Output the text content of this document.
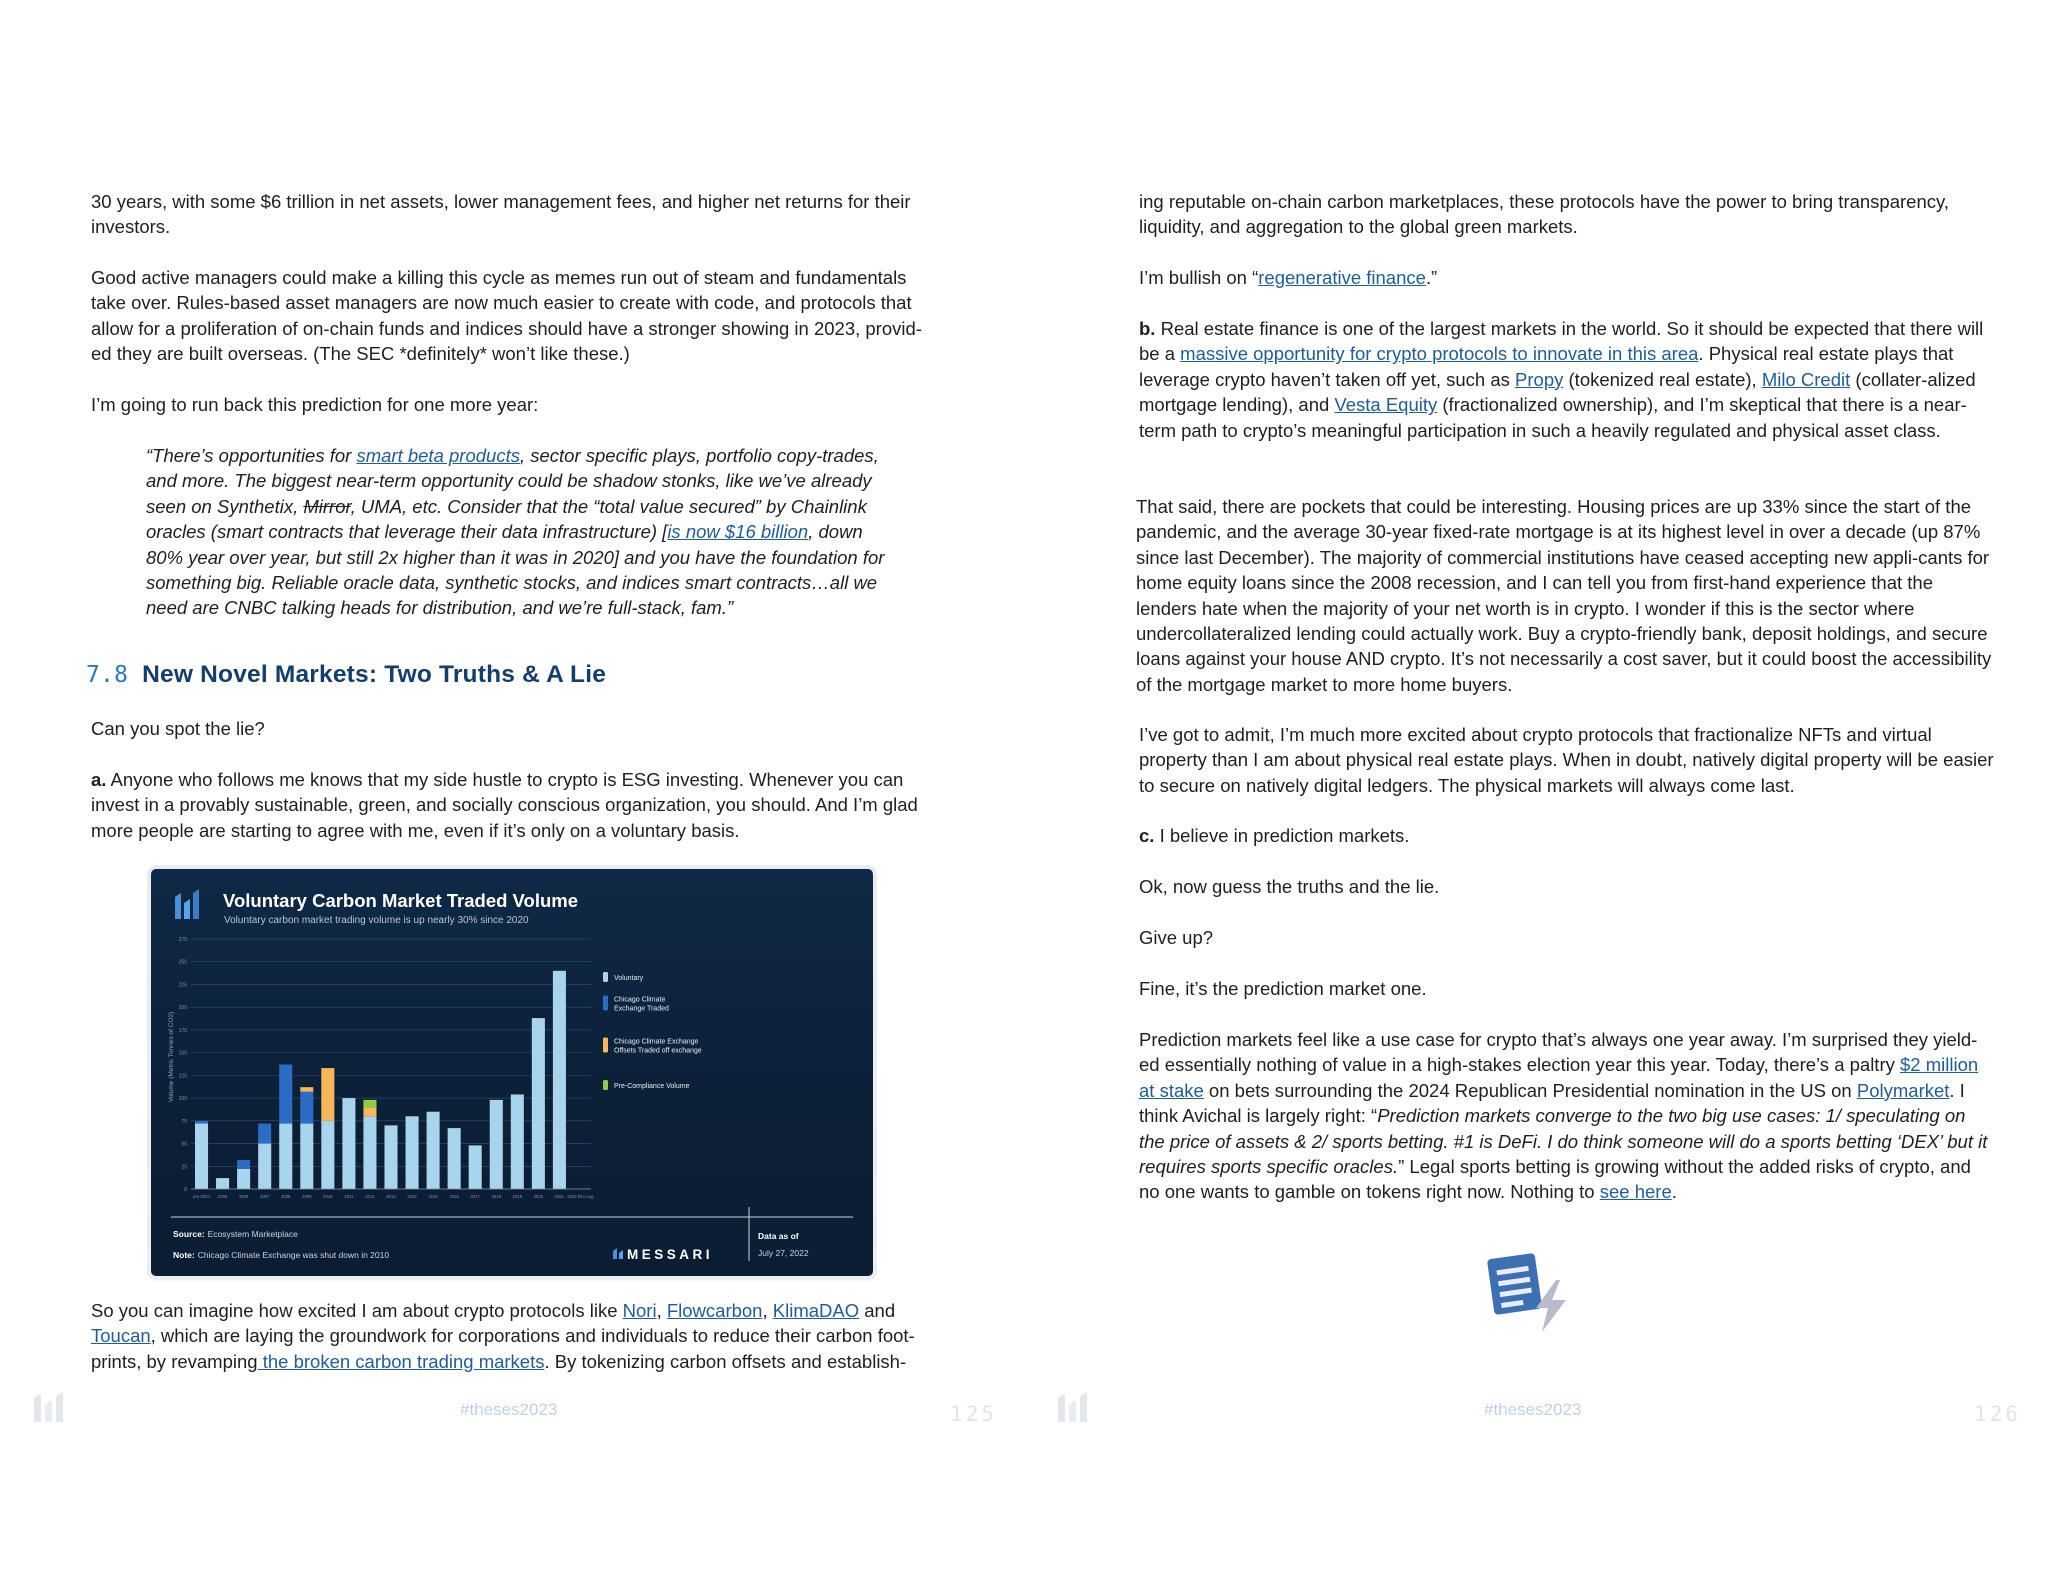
30 years, with some $6 trillion in net assets, lower management fees, and higher net returns for their investors.

Good active managers could make a killing this cycle as memes run out of steam and fundamentals take over. Rules-based asset managers are now much easier to create with code, and protocols that allow for a proliferation of on-chain funds and indices should have a stronger showing in 2023, provid-ed they are built overseas. (The SEC *definitely* won’t like these.)

I’m going to run back this prediction for one more year:

“There’s opportunities for smart beta products, sector specific plays, portfolio copy-trades, and more. The biggest near-term opportunity could be shadow stonks, like we’ve already seen on Synthetix, Mirror, UMA, etc. Consider that the “total value secured” by Chainlink oracles (smart contracts that leverage their data infrastructure) [is now $16 billion, down 80% year over year, but still 2x higher than it was in 2020] and you have the foundation for something big. Reliable oracle data, synthetic stocks, and indices smart contracts…all we need are CNBC talking heads for distribution, and we’re full-stack, fam.”

7.8 New Novel Markets: Two Truths & A Lie

Can you spot the lie?

a. Anyone who follows me knows that my side hustle to crypto is ESG investing. Whenever you can invest in a provably sustainable, green, and socially conscious organization, you should. And I’m glad more people are starting to agree with me, even if it’s only on a voluntary basis.

Voluntary Carbon Market Traded Volume
Voluntary carbon market trading volume is up nearly 30% since 2020
0
25
50
75
100
125
150
175
200
225
250
275
Volume (Metric Tonnes of CO2)
pre-2004 2005	2006	2007	2008	2009	2010	2011	2012	2013	2014	2015	2016	2017	2018	2019	2020	2021 2022 thru Aug
Voluntary
Chicago Climate Exchange Traded
Chicago Climate Exchange Offsets Traded off exchange
Pre-Compliance Volume
Source: Ecosystem Marketplace
Note: Chicago Climate Exchange was shut down in 2010	MESSARI
Data as of
July 27, 2022

So you can imagine how excited I am about crypto protocols like Nori, Flowcarbon, KlimaDAO and Toucan, which are laying the groundwork for corporations and individuals to reduce their carbon foot-prints, by revamping the broken carbon trading markets. By tokenizing carbon offsets and establish-

#theses2023	125

ing reputable on-chain carbon marketplaces, these protocols have the power to bring transparency, liquidity, and aggregation to the global green markets.

I’m bullish on “regenerative finance.”

b. Real estate finance is one of the largest markets in the world. So it should be expected that there will be a massive opportunity for crypto protocols to innovate in this area. Physical real estate plays that leverage crypto haven’t taken off yet, such as Propy (tokenized real estate), Milo Credit (collater-alized mortgage lending), and Vesta Equity (fractionalized ownership), and I’m skeptical that there is a near-term path to crypto’s meaningful participation in such a heavily regulated and physical asset class.

That said, there are pockets that could be interesting. Housing prices are up 33% since the start of the pandemic, and the average 30-year fixed-rate mortgage is at its highest level in over a decade (up 87% since last December). The majority of commercial institutions have ceased accepting new appli-cants for home equity loans since the 2008 recession, and I can tell you from first-hand experience that the lenders hate when the majority of your net worth is in crypto. I wonder if this is the sector where undercollateralized lending could actually work. Buy a crypto-friendly bank, deposit holdings, and secure loans against your house AND crypto. It’s not necessarily a cost saver, but it could boost the accessibility of the mortgage market to more home buyers.

I’ve got to admit, I’m much more excited about crypto protocols that fractionalize NFTs and virtual property than I am about physical real estate plays. When in doubt, natively digital property will be easier to secure on natively digital ledgers. The physical markets will always come last.

c. I believe in prediction markets.

Ok, now guess the truths and the lie.

Give up?

Fine, it’s the prediction market one.

Prediction markets feel like a use case for crypto that’s always one year away. I’m surprised they yield-ed essentially nothing of value in a high-stakes election year this year. Today, there’s a paltry $2 million at stake on bets surrounding the 2024 Republican Presidential nomination in the US on Polymarket. I think Avichal is largely right: “Prediction markets converge to the two big use cases: 1/ speculating on the price of assets & 2/ sports betting. #1 is DeFi. I do think someone will do a sports betting ‘DEX’ but it requires sports specific oracles.” Legal sports betting is growing without the added risks of crypto, and no one wants to gamble on tokens right now. Nothing to see here.

#theses2023	126
